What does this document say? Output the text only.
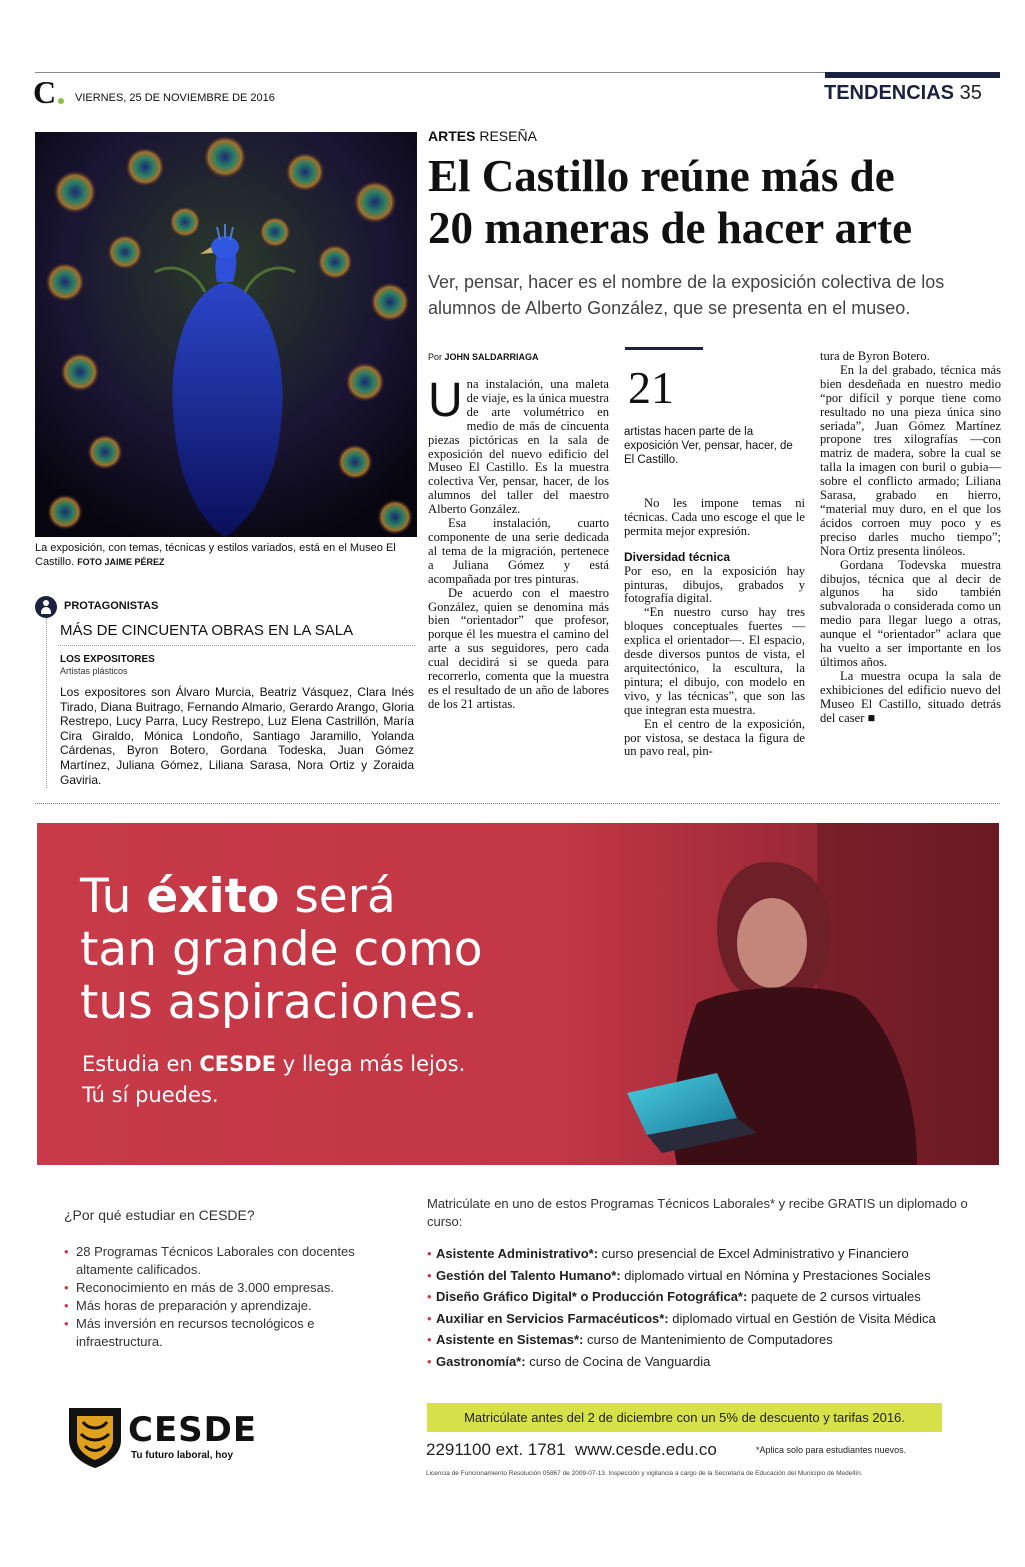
C VIERNES, 25 DE NOVIEMBRE DE 2016	TENDENCIAS 35
La exposición, con temas, técnicas y estilos variados, está en el Museo El Castillo. FOTO JAIME PÉREZ
ARTES RESEÑA
El Castillo reúne más de
20 maneras de hacer arte
Ver, pensar, hacer es el nombre de la exposición colectiva de los alumnos de Alberto González, que se presenta en el museo.
Por JOHN SALDARRIAGA

Una instalación, una maleta de viaje, es la única muestra de arte volumétrico en medio de más de cincuenta piezas pictóricas en la sala de exposición del nuevo edificio del Museo El Castillo. Es la muestra colectiva Ver, pensar, hacer, de los alumnos del taller del maestro Alberto González.

Esa instalación, cuarto componente de una serie dedicada al tema de la migración, pertenece a Juliana Gómez y está acompañada por tres pinturas.

De acuerdo con el maestro González, quien se denomina más bien “orientador” que profesor, porque él les muestra el camino del arte a sus seguidores, pero cada cual decidirá si se queda para recorrerlo, comenta que la muestra es el resultado de un año de labores de los 21 artistas.

21
artistas hacen parte de la exposición Ver, pensar, hacer, de El Castillo.

No les impone temas ni técnicas. Cada uno escoge el que le permita mejor expresión.

Diversidad técnica

Por eso, en la exposición hay pinturas, dibujos, grabados y fotografía digital.

“En nuestro curso hay tres bloques conceptuales fuertes —explica el orientador—. El espacio, desde diversos puntos de vista, el arquitectónico, la escultura, la pintura; el dibujo, con modelo en vivo, y las técnicas”, que son las que integran esta muestra.

En el centro de la exposición, por vistosa, se destaca la figura de un pavo real, pin-

tura de Byron Botero.

En la del grabado, técnica más bien desdeñada en nuestro medio “por difícil y porque tiene como resultado no una pieza única sino seriada”, Juan Gómez Martínez propone tres xilografías —con matriz de madera, sobre la cual se talla la imagen con buril o gubia— sobre el conflicto armado; Liliana Sarasa, grabado en hierro, “material muy duro, en el que los ácidos corroen muy poco y es preciso darles mucho tiempo”; Nora Ortiz presenta linóleos.

Gordana Todevska muestra dibujos, técnica que al decir de algunos ha sido también subvalorada o considerada como un medio para llegar luego a otras, aunque el “orientador” aclara que ha vuelto a ser importante en los últimos años.

La muestra ocupa la sala de exhibiciones del edificio nuevo del Museo El Castillo, situado detrás del caser ■

PROTAGONISTAS
MÁS DE CINCUENTA OBRAS EN LA SALA
LOS EXPOSITORES
Artistas plásticos
Los expositores son Álvaro Murcia, Beatriz Vásquez, Clara Inés Tirado, Diana Buitrago, Fernando Almario, Gerardo Arango, Gloria Restrepo, Lucy Parra, Lucy Restrepo, Luz Elena Castrillón, María Cira Giraldo, Mónica Londoño, Santiago Jaramillo, Yolanda Cárdenas, Byron Botero, Gordana Todeska, Juan Gómez Martínez, Juliana Gómez, Liliana Sarasa, Nora Ortiz y Zoraida Gaviria.
Tu éxito será
tan grande como
tus aspiraciones.
Estudia en CESDE y llega más lejos.
Tú sí puedes.
¿Por qué estudiar en CESDE?
• 28 Programas Técnicos Laborales con docentes altamente calificados.
• Reconocimiento en más de 3.000 empresas.
• Más horas de preparación y aprendizaje.
• Más inversión en recursos tecnológicos e infraestructura.
Matricúlate en uno de estos Programas Técnicos Laborales* y recibe GRATIS un diplomado o curso:
• Asistente Administrativo*: curso presencial de Excel Administrativo y Financiero
• Gestión del Talento Humano*: diplomado virtual en Nómina y Prestaciones Sociales
• Diseño Gráfico Digital* o Producción Fotográfica*: paquete de 2 cursos virtuales
• Auxiliar en Servicios Farmacéuticos*: diplomado virtual en Gestión de Visita Médica
• Asistente en Sistemas*: curso de Mantenimiento de Computadores
• Gastronomía*: curso de Cocina de Vanguardia
Matricúlate antes del 2 de diciembre con un 5% de descuento y tarifas 2016.
2291100 ext. 1781 www.cesde.edu.co	*Aplica solo para estudiantes nuevos.
Licencia de Funcionamiento Resolución 05867 de 2009-07-13. Inspección y vigilancia a cargo de la Secretaría de Educación del Municipio de Medellín.
CESDE
Tu futuro laboral, hoy
